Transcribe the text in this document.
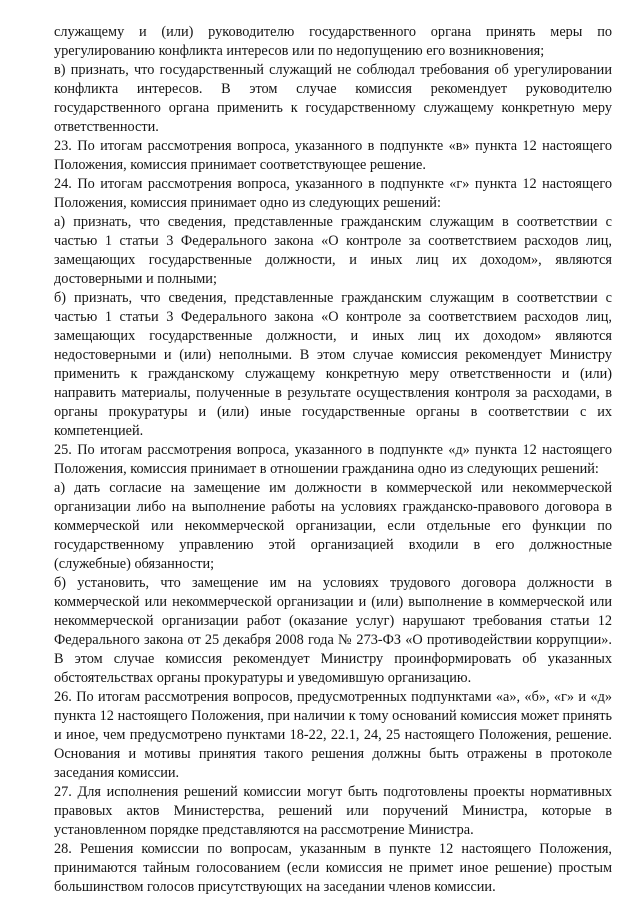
служащему и (или) руководителю государственного органа принять меры по урегулированию конфликта интересов или по недопущению его возникновения;

в) признать, что государственный служащий не соблюдал требования об урегулировании конфликта интересов. В этом случае комиссия рекомендует руководителю государственного органа применить к государственному служащему конкретную меру ответственности.

23. По итогам рассмотрения вопроса, указанного в подпункте «в» пункта 12 настоящего Положения, комиссия принимает соответствующее решение.

24. По итогам рассмотрения вопроса, указанного в подпункте «г» пункта 12 настоящего Положения, комиссия принимает одно из следующих решений:

а) признать, что сведения, представленные гражданским служащим в соответствии с частью 1 статьи 3 Федерального закона «О контроле за соответствием расходов лиц, замещающих государственные должности, и иных лиц их доходом», являются достоверными и полными;

б) признать, что сведения, представленные гражданским служащим в соответствии с частью 1 статьи 3 Федерального закона «О контроле за соответствием расходов лиц, замещающих государственные должности, и иных лиц их доходом» являются недостоверными и (или) неполными. В этом случае комиссия рекомендует Министру применить к гражданскому служащему конкретную меру ответственности и (или) направить материалы, полученные в результате осуществления контроля за расходами, в органы прокуратуры и (или) иные государственные органы в соответствии с их компетенцией.

25. По итогам рассмотрения вопроса, указанного в подпункте «д» пункта 12 настоящего Положения, комиссия принимает в отношении гражданина одно из следующих решений:

а) дать согласие на замещение им должности в коммерческой или некоммерческой организации либо на выполнение работы на условиях гражданско-правового договора в коммерческой или некоммерческой организации, если отдельные его функции по государственному управлению этой организацией входили в его должностные (служебные) обязанности;

б) установить, что замещение им на условиях трудового договора должности в коммерческой или некоммерческой организации и (или) выполнение в коммерческой или некоммерческой организации работ (оказание услуг) нарушают требования статьи 12 Федерального закона от 25 декабря 2008 года № 273-ФЗ «О противодействии коррупции». В этом случае комиссия рекомендует Министру проинформировать об указанных обстоятельствах органы прокуратуры и уведомившую организацию.

26. По итогам рассмотрения вопросов, предусмотренных подпунктами «а», «б», «г» и «д» пункта 12 настоящего Положения, при наличии к тому оснований комиссия может принять и иное, чем предусмотрено пунктами 18-22, 22.1, 24, 25 настоящего Положения, решение. Основания и мотивы принятия такого решения должны быть отражены в протоколе заседания комиссии.

27. Для исполнения решений комиссии могут быть подготовлены проекты нормативных правовых актов Министерства, решений или поручений Министра, которые в установленном порядке представляются на рассмотрение Министра.

28. Решения комиссии по вопросам, указанным в пункте 12 настоящего Положения, принимаются тайным голосованием (если комиссия не примет иное решение) простым большинством голосов присутствующих на заседании членов комиссии.
